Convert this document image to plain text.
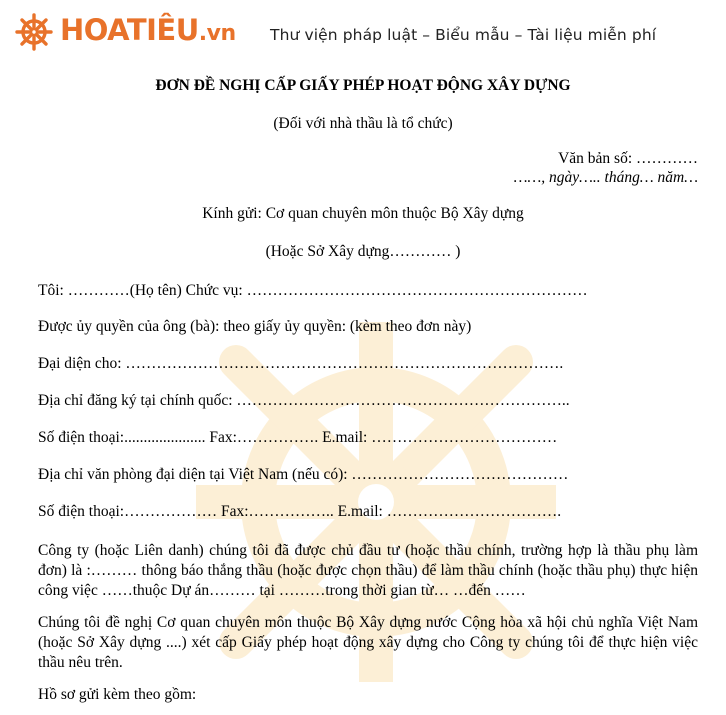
HOATIÊU.vn Thư viện pháp luật – Biểu mẫu – Tài liệu miễn phí
ĐƠN ĐỀ NGHỊ CẤP GIẤY PHÉP HOẠT ĐỘNG XÂY DỰNG
(Đối với nhà thầu là tổ chức)
Văn bản số: …………
……, ngày….. tháng… năm…
Kính gửi: Cơ quan chuyên môn thuộc Bộ Xây dựng
(Hoặc Sở Xây dựng………… )
Tôi: …………(Họ tên) Chức vụ: …………………………………………………………
Được ủy quyền của ông (bà): theo giấy ủy quyền: (kèm theo đơn này)
Đại diện cho: ………………………………………………………………………….
Địa chỉ đăng ký tại chính quốc: ………………………………………………………..
Số điện thoại:..................... Fax:……………. E.mail: ………………………………
Địa chỉ văn phòng đại diện tại Việt Nam (nếu có): ……………………………………
Số điện thoại:……………… Fax:…………….. E.mail: …………………………….
Công ty (hoặc Liên danh) chúng tôi đã được chủ đầu tư (hoặc thầu chính, trường hợp là thầu phụ làm đơn) là :……… thông báo thắng thầu (hoặc được chọn thầu) để làm thầu chính (hoặc thầu phụ) thực hiện công việc ……thuộc Dự án……… tại ………trong thời gian từ… …đến ……
Chúng tôi đề nghị Cơ quan chuyên môn thuộc Bộ Xây dựng nước Cộng hòa xã hội chủ nghĩa Việt Nam (hoặc Sở Xây dựng ....) xét cấp Giấy phép hoạt động xây dựng cho Công ty chúng tôi để thực hiện việc thầu nêu trên.
Hồ sơ gửi kèm theo gồm:
